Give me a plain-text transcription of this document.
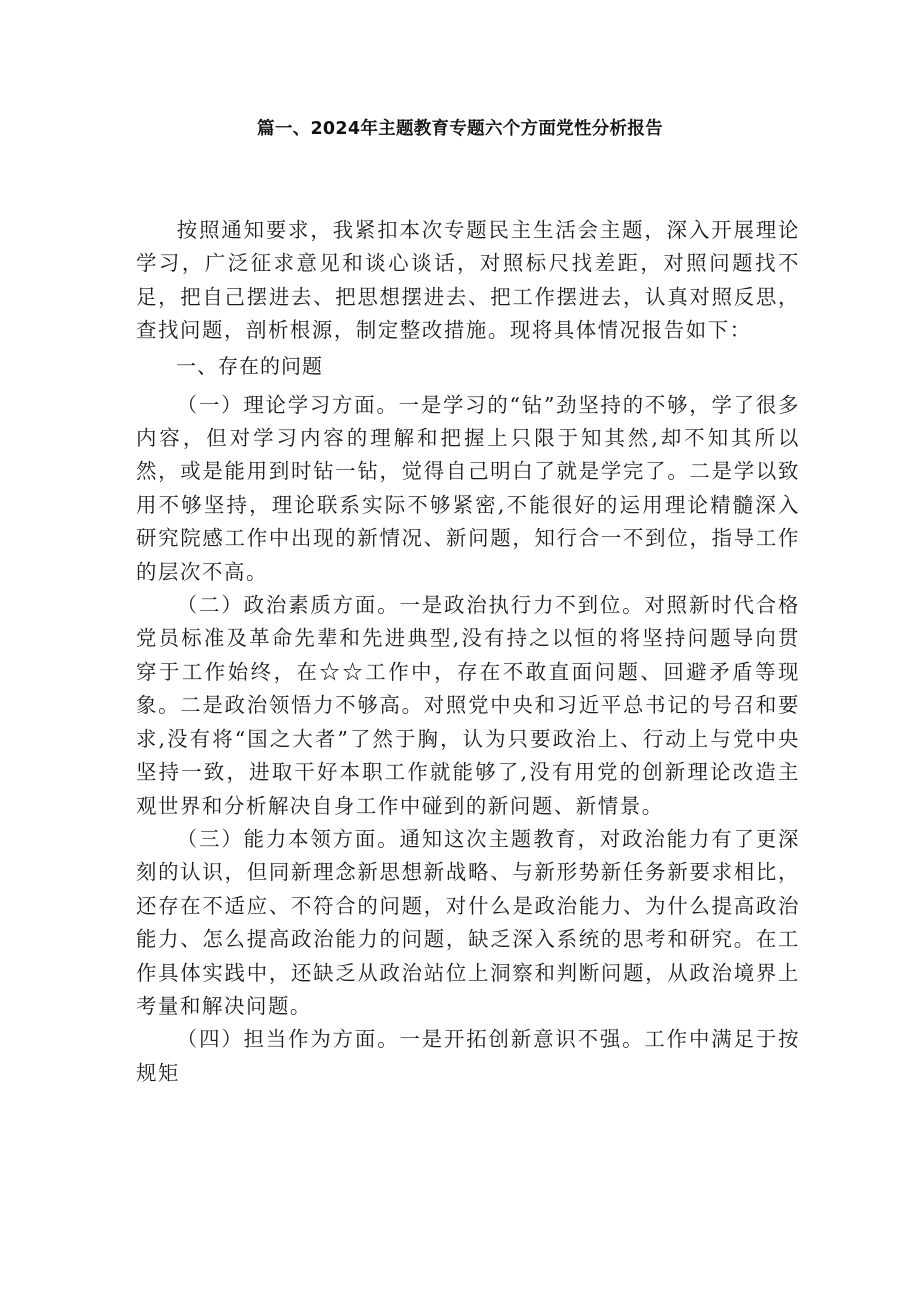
篇一、2024年主题教育专题六个方面党性分析报告

按照通知要求，我紧扣本次专题民主生活会主题，深入开展理论学习，广泛征求意见和谈心谈话，对照标尺找差距，对照问题找不足，把自己摆进去、把思想摆进去、把工作摆进去，认真对照反思，查找问题，剖析根源，制定整改措施。现将具体情况报告如下：

一、存在的问题

（一）理论学习方面。一是学习的“钻”劲坚持的不够，学了很多内容，但对学习内容的理解和把握上只限于知其然,却不知其所以然，或是能用到时钻一钻，觉得自己明白了就是学完了。二是学以致用不够坚持，理论联系实际不够紧密,不能很好的运用理论精髓深入研究院感工作中出现的新情况、新问题，知行合一不到位，指导工作的层次不高。

（二）政治素质方面。一是政治执行力不到位。对照新时代合格党员标准及革命先辈和先进典型,没有持之以恒的将坚持问题导向贯穿于工作始终，在☆☆工作中，存在不敢直面问题、回避矛盾等现象。二是政治领悟力不够高。对照党中央和习近平总书记的号召和要求,没有将“国之大者”了然于胸，认为只要政治上、行动上与党中央坚持一致，进取干好本职工作就能够了,没有用党的创新理论改造主观世界和分析解决自身工作中碰到的新问题、新情景。

（三）能力本领方面。通知这次主题教育，对政治能力有了更深刻的认识，但同新理念新思想新战略、与新形势新任务新要求相比，还存在不适应、不符合的问题，对什么是政治能力、为什么提高政治能力、怎么提高政治能力的问题，缺乏深入系统的思考和研究。在工作具体实践中，还缺乏从政治站位上洞察和判断问题，从政治境界上考量和解决问题。

（四）担当作为方面。一是开拓创新意识不强。工作中满足于按规矩
